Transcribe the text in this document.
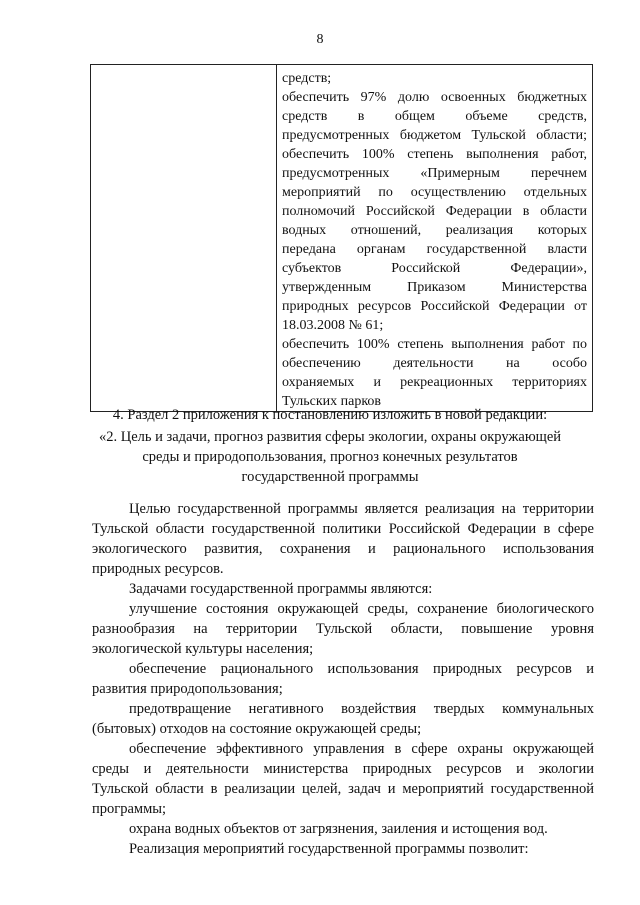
8

средств;
обеспечить 97% долю освоенных бюджетных
средств в общем объеме средств,
предусмотренных бюджетом Тульской области;
обеспечить 100% степень выполнения работ,
предусмотренных «Примерным перечнем
мероприятий по осуществлению отдельных
полномочий Российской Федерации в области
водных отношений, реализация которых
передана органам государственной власти
субъектов Российской Федерации»,
утвержденным Приказом Министерства
природных ресурсов Российской Федерации от
18.03.2008 № 61;
обеспечить 100% степень выполнения работ по
обеспечению деятельности на особо
охраняемых и рекреационных территориях
Тульских парков
4. Раздел 2 приложения к постановлению изложить в новой редакции:
«2. Цель и задачи, прогноз развития сферы экологии, охраны окружающей
среды и природопользования, прогноз конечных результатов
государственной программы
Целью государственной программы является реализация на территории
Тульской области государственной политики Российской Федерации в сфере
экологического развития, сохранения и рационального использования
природных ресурсов.
Задачами государственной программы являются:
улучшение состояния окружающей среды, сохранение биологического
разнообразия на территории Тульской области, повышение уровня
экологической культуры населения;
обеспечение рационального использования природных ресурсов и
развития природопользования;
предотвращение негативного воздействия твердых коммунальных
(бытовых) отходов на состояние окружающей среды;
обеспечение эффективного управления в сфере охраны окружающей
среды и деятельности министерства природных ресурсов и экологии
Тульской области в реализации целей, задач и мероприятий государственной
программы;
охрана водных объектов от загрязнения, заиления и истощения вод.
Реализация мероприятий государственной программы позволит:
